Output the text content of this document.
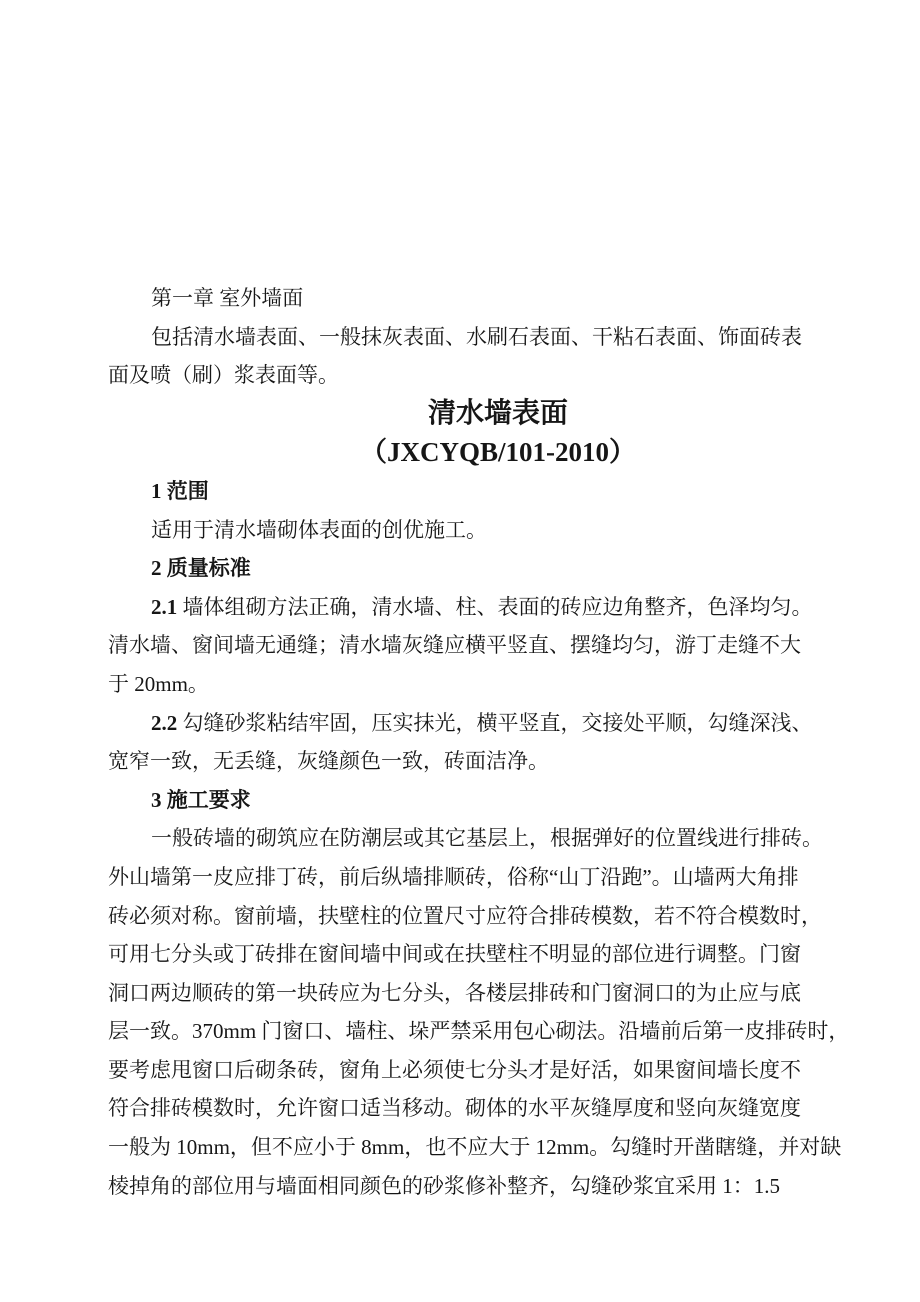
第一章 室外墙面
包括清水墙表面、一般抹灰表面、水刷石表面、干粘石表面、饰面砖表
面及喷（刷）浆表面等。
清水墙表面
（JXCYQB/101-2010）
1 范围
适用于清水墙砌体表面的创优施工。
2 质量标准
2.1 墙体组砌方法正确，清水墙、柱、表面的砖应边角整齐，色泽均匀。
清水墙、窗间墙无通缝；清水墙灰缝应横平竖直、摆缝均匀，游丁走缝不大
于 20mm。
2.2 勾缝砂浆粘结牢固，压实抹光，横平竖直，交接处平顺，勾缝深浅、
宽窄一致，无丢缝，灰缝颜色一致，砖面洁净。
3 施工要求
一般砖墙的砌筑应在防潮层或其它基层上，根据弹好的位置线进行排砖。
外山墙第一皮应排丁砖，前后纵墙排顺砖，俗称“山丁沿跑”。山墙两大角排
砖必须对称。窗前墙，扶壁柱的位置尺寸应符合排砖模数，若不符合模数时，
可用七分头或丁砖排在窗间墙中间或在扶壁柱不明显的部位进行调整。门窗
洞口两边顺砖的第一块砖应为七分头，各楼层排砖和门窗洞口的为止应与底
层一致。370mm 门窗口、墙柱、垛严禁采用包心砌法。沿墙前后第一皮排砖时，
要考虑甩窗口后砌条砖，窗角上必须使七分头才是好活，如果窗间墙长度不
符合排砖模数时，允许窗口适当移动。砌体的水平灰缝厚度和竖向灰缝宽度
一般为 10mm，但不应小于 8mm，也不应大于 12mm。勾缝时开凿瞎缝，并对缺
棱掉角的部位用与墙面相同颜色的砂浆修补整齐，勾缝砂浆宜采用 1：1.5
